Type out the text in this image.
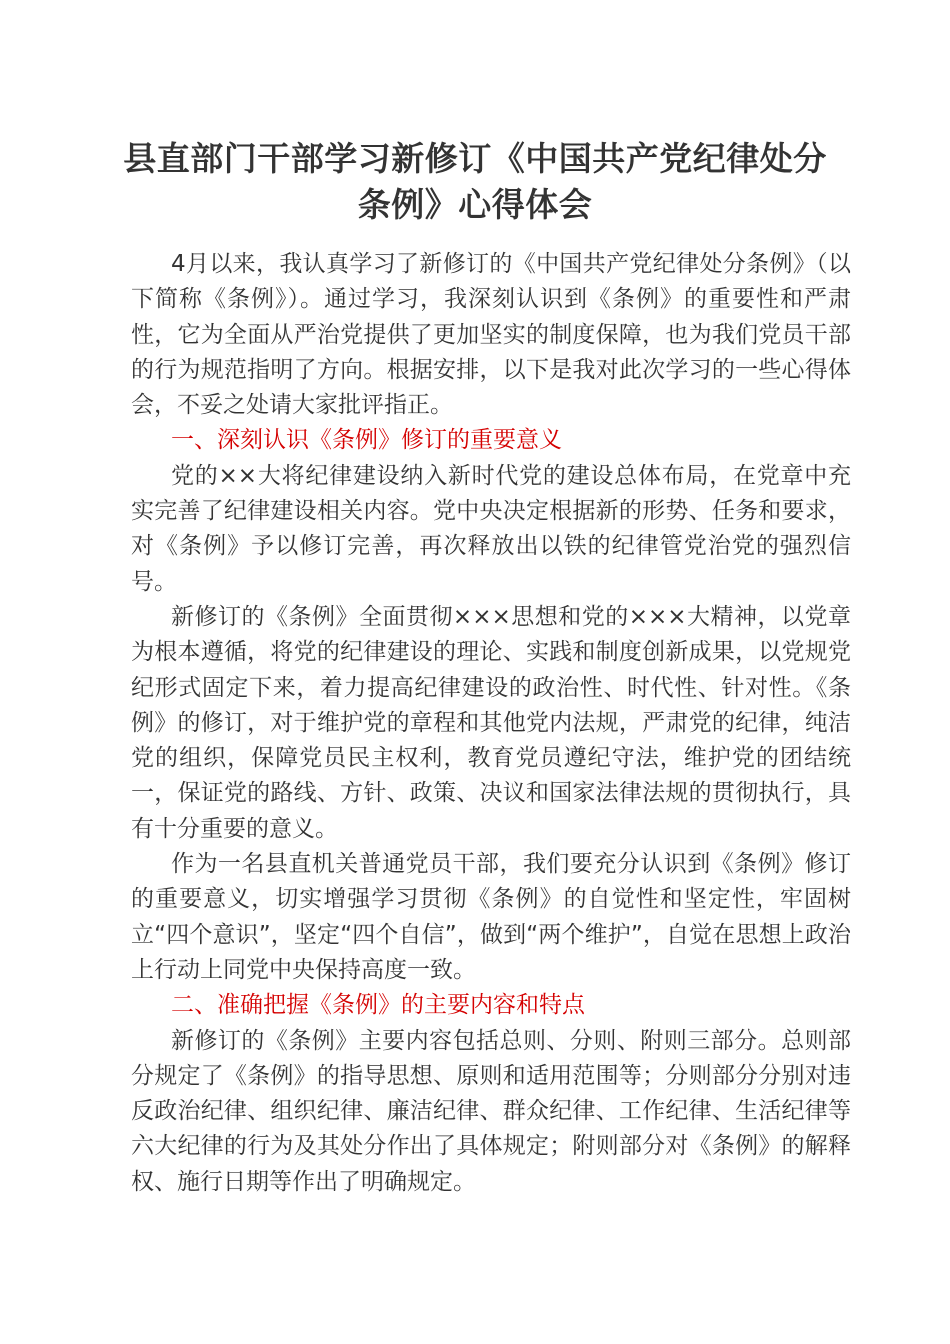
县直部门干部学习新修订《中国共产党纪律处分条例》心得体会

4月以来，我认真学习了新修订的《中国共产党纪律处分条例》（以下简称《条例》）。通过学习，我深刻认识到《条例》的重要性和严肃性，它为全面从严治党提供了更加坚实的制度保障，也为我们党员干部的行为规范指明了方向。根据安排，以下是我对此次学习的一些心得体会，不妥之处请大家批评指正。

一、深刻认识《条例》修订的重要意义

党的××大将纪律建设纳入新时代党的建设总体布局，在党章中充实完善了纪律建设相关内容。党中央决定根据新的形势、任务和要求，对《条例》予以修订完善，再次释放出以铁的纪律管党治党的强烈信号。

新修订的《条例》全面贯彻×××思想和党的×××大精神，以党章为根本遵循，将党的纪律建设的理论、实践和制度创新成果，以党规党纪形式固定下来，着力提高纪律建设的政治性、时代性、针对性。《条例》的修订，对于维护党的章程和其他党内法规，严肃党的纪律，纯洁党的组织，保障党员民主权利，教育党员遵纪守法，维护党的团结统一，保证党的路线、方针、政策、决议和国家法律法规的贯彻执行，具有十分重要的意义。

作为一名县直机关普通党员干部，我们要充分认识到《条例》修订的重要意义，切实增强学习贯彻《条例》的自觉性和坚定性，牢固树立“四个意识”，坚定“四个自信”，做到“两个维护”，自觉在思想上政治上行动上同党中央保持高度一致。

二、准确把握《条例》的主要内容和特点

新修订的《条例》主要内容包括总则、分则、附则三部分。总则部分规定了《条例》的指导思想、原则和适用范围等；分则部分分别对违反政治纪律、组织纪律、廉洁纪律、群众纪律、工作纪律、生活纪律等六大纪律的行为及其处分作出了具体规定；附则部分对《条例》的解释权、施行日期等作出了明确规定。
